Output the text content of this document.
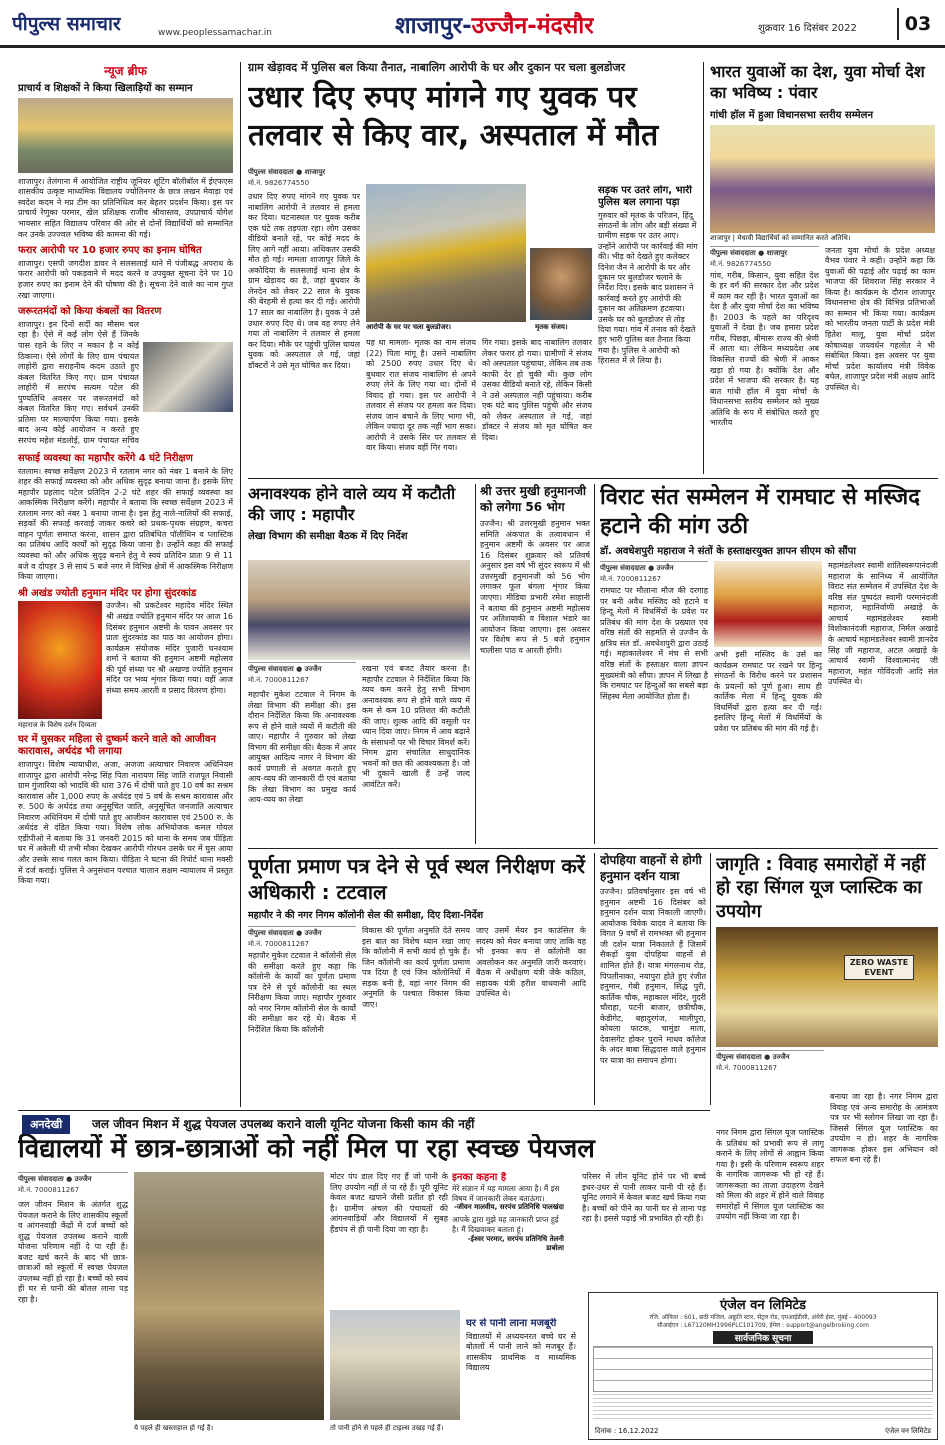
पीपुल्स समाचार	www.peoplessamachar.in	शाजापुर-उज्जैन-मंदसौर	शुक्रवार 16 दिसंबर 2022	03
न्यूज ब्रीफ
प्राचार्य व शिक्षकों ने किया खिलाड़ियों का सम्मान
शाजापुर। तेलंगाना में आयोजित राष्ट्रीय जूनियर शूटिंग बॉलीबॉल में ईएफएस शासकीय उत्कृष्ट माध्यमिक विद्यालय ज्योतिनगर के छात्र लखन मेवाड़ा एवं स्वदेश कदम ने मप्र टीम का प्रतिनिधित्व कर बेहतर प्रदर्शन किया। इस पर प्राचार्य रेणुका परमार, खेल प्रशिक्षक राजीव श्रीवास्तव, उपप्राचार्य योगेश भावसार सहित विद्यालय परिवार की ओर से दोनों विद्यार्थियों को सम्मानित कर उनके उज्ज्वल भविष्य की कामना की गई।
फरार आरोपी पर 10 हजार रुपए का इनाम घोषित
शाजापुर। एसपी जगदीश डावर ने सलसलाई थाने में पंजीबद्ध अपराध के फरार आरोपी को पकड़वाने में मदद करने व उपयुक्त सूचना देने पर 10 हजार रुपए का इनाम देने की घोषणा की है। सूचना देने वाले का नाम गुप्त रखा जाएगा।
जरूरतमंदों को किया कंबलों का वितरण
शाजापुर। इन दिनों सर्दी का मौसम चल रहा है। ऐसे में कई लोग ऐसे हैं जिनके पास रहने के लिए न मकान है न कोई ठिकाना। ऐसे लोगों के लिए ग्राम पंचायत लाहोरी द्वारा सराहनीय कदम उठाते हुए कंबल वितरित किए गए। ग्राम पंचायत लाहोरी में सरपंच सत्यम पटेल की पुण्यतिथि अवसर पर जरूरतमंदों को कंबल वितरित किए गए। सर्वधर्म उनकी प्रतिमा पर माल्यार्पण किया गया। इसके बाद अन्य कोई आयोजन न करते हुए सरपंच महेश मंडलोई, ग्राम पंचायत सचिव
सफाई व्यवस्था का महापौर करेंगे 4 घंटे निरीक्षण
रतलाम। स्वच्छ सर्वेक्षण 2023 में रतलाम नगर को नंबर 1 बनाने के लिए शहर की सफाई व्यवस्था को और अधिक सुदृढ़ बनाया जाना है। इसके लिए महापौर प्रहलाद पटेल प्रतिदिन 2-2 घंटे शहर की सफाई व्यवस्था का आकस्मिक निरीक्षण करेंगे। महापौर ने बताया कि स्वच्छ सर्वेक्षण 2023 में रतलाम नगर को नंबर 1 बनाया जाना है। इस हेतु नाले-नालियों की सफाई, सड़कों की सफाई करवाई जाकर कचरे को प्रथक-पृथक संग्रहण, कचरा वाहन पूर्णतः समाप्त करना, शासन द्वारा प्रतिबंधित पॉलीथिन व प्लास्टिक का प्रतिबंध आदि कार्यों को सुदृढ़ किया जाना है। उन्होंने कहा की सफाई व्यवस्था को और अधिक सुदृढ़ बनाने हेतु वे स्वयं प्रतिदिन प्रातः 9 से 11 बजे व दोपहर 3 से सायं 5 बजे नगर में विभिन्न क्षेत्रों में आकस्मिक निरीक्षण किया जाएगा।
श्री अखंड ज्योती हनुमान मंदिर पर होगा सुंदरकांड
उज्जैन। श्री प्रकटेश्वर महादेव मंदिर स्थित श्री अखंड ज्योति हनुमान मंदिर पर आज 16 दिसंबर हनुमान अष्टमी के पावन अवसर पर प्रातः सुंदरकांड का पाठ का आयोजन होगा। कार्यक्रम संयोजक मंदिर पुजारी घनश्याम शर्मा ने बताया की हनुमान अष्टमी महोत्सव की पूर्व संध्या पर श्री अखण्ड ज्योति हनुमान मंदिर पर भव्य शृंगार किया गया। वहीं आज संध्या समय आरती व प्रसाद वितरण होगा।
महाराज के विशेष दर्शन दिव्यता
घर में घुसकर महिला से दुष्कर्म करने वाले को आजीवन कारावास, अर्थदंड भी लगाया
शाजापुर। विशेष न्यायाधीश, अजा, अजजा अत्याचार निवारण अधिनियम शाजापुर द्वारा आरोपी नरेन्द्र सिंह पिता नारायण सिंह जाति राजपूत निवासी ग्राम गुंजारिया को भादवि की धारा 376 में दोषी पाते हुए 10 वर्ष का सश्रम कारावास और 1,000 रुपए के अर्थदंड एवं 5 वर्ष के सश्रम कारावास और रु. 500 के अर्थदंड तथा अनुसूचित जाति, अनुसूचित जनजाति अत्याचार निवारण अधिनियम में दोषी पाते हुए आजीवन कारावास एवं 2500 रु. के अर्थदंड से दंडित किया गया। विशेष लोक अभियोजक कमल गोयल एडीपीओ ने बताया कि 31 जनवरी 2015 को थाना के समय जब पीड़िता घर में अकेली थी तभी मौका देखकर आरोपी गोरधन उसके घर में घुस आया और उसके साथ गलत काम किया। पीड़िता ने घटना की रिपोर्ट थाना मक्सी में दर्ज कराई। पुलिस ने अनुसंधान पश्चात चालान सक्षम न्यायालय में प्रस्तुत किया गया।
ग्राम खेड़ावद में पुलिस बल किया तैनात, नाबालिग आरोपी के घर और दुकान पर चला बुलडोजर
उधार दिए रुपए मांगने गए युवक पर तलवार से किए वार, अस्पताल में मौत
पीपुल्स संवाददाता ● शाजापुर
मो.नं. 9826774550
उधार दिए रुपए मांगने गए युवक पर नाबालिग आरोपी ने तलवार से हमला कर दिया। घटनास्थल पर युवक करीब एक घंटे तक तड़पता रहा। लोग उसका वीडियो बनाते रहे, पर कोई मदद के लिए आगे नहीं आया। अधिकतर उसकी मौत हो गई। मामला शाजापुर जिले के अकोदिया के सलसलाई थाना क्षेत्र के ग्राम खेड़ावद का है, जहां बुधवार के लेनदेन को लेकर 22 साल के युवक की बेरहमी से हत्या कर दी गई। आरोपी 17 साल का नाबालिग है। युवक ने उसे उधार रुपए दिए थे। जब वह रुपए लेने गया तो नाबालिग ने तलवार से हमला कर दिया। मौके पर पहुंची पुलिस घायल युवक को अस्पताल ले गई, जहां डॉक्टरों ने उसे मृत घोषित कर दिया।
आरोपी के घर पर चला बुलडोजर।	मृतक संजय।
यह था मामला- मृतक का नाम संजय (22) पिता मांगू है। उसने नाबालिग को 2500 रुपए उधार दिए थे। बुधवार रात संजय नाबालिग से अपने रुपए लेने के लिए गया था। दोनों में विवाद हो गया। इस पर आरोपी ने तलवार से संजय पर हमला कर दिया। संजय जान बचाने के लिए भागा भी, लेकिन ज्यादा दूर तक नहीं भाग सका। आरोपी ने उसके सिर पर तलवार से वार किया। संजय वहीं गिर गया।
गिर गया। इसके बाद नाबालिग तलवार लेकर फरार हो गया। ग्रामीणों ने संजय को अस्पताल पहुंचाया, लेकिन तब तक काफी देर हो चुकी थी। कुछ लोग उसका वीडियो बनाते रहे, लेकिन किसी ने उसे अस्पताल नहीं पहुंचाया। करीब एक घंटे बाद पुलिस पहुंची और संजय को लेकर अस्पताल ले गई, जहां डॉक्टर ने संजय को मृत घोषित कर दिया।
सड़क पर उतरे लोग, भारी पुलिस बल लगाना पड़ा
गुरुवार को मृतक के परिजन, हिंदू संगठनों के लोग और बड़ी संख्या में ग्रामीण सड़क पर उतर आए। उन्होंने आरोपी पर कार्रवाई की मांग की। भीड़ को देखते हुए कलेक्टर दिनेश जैन ने आरोपी के घर और दुकान पर बुलडोजर चलाने के निर्देश दिए। इसके बाद प्रशासन ने कार्रवाई करते हुए आरोपी की दुकान का अतिक्रमण हटवाया। उसके घर को बुलडोजर से तोड़ दिया गया। गांव में तनाव को देखते हुए भारी पुलिस बल तैनात किया गया है। पुलिस ने आरोपी को हिरासत में ले लिया है।
भारत युवाओं का देश, युवा मोर्चा देश का भविष्य : पंवार
गांधी हॉल में हुआ विधानसभा स्तरीय सम्मेलन
शाजापुर | मेधावी विद्यार्थियों को सम्मानित करते अतिथि।
पीपुल्स संवाददाता ● शाजापुर
मो.नं. 9826774550
गांव, गरीब, किसान, युवा सहित देश के हर वर्ग की सरकार देश और प्रदेश में काम कर रही है। भारत युवाओं का देश है और युवा मोर्चा देश का भविष्य है। 2003 के पहले का परिदृश्य युवाओं ने देखा है। जब हमारा प्रदेश गरीब, पिछड़ा, बीमारू राज्य की श्रेणी में आता था। लेकिन मध्यप्रदेश अब विकसित राज्यों की श्रेणी में आकर खड़ा हो गया है। क्योंकि देश और प्रदेश में भाजपा की सरकार है। यह बात गांधी हॉल में युवा मोर्चा के विधानसभा स्तरीय सम्मेलन को मुख्य अतिथि के रूप में संबोधित करते हुए भारतीय
जनता युवा मोर्चा के प्रदेश अध्यक्ष वैभव पंवार ने कही। उन्होंने कहा कि युवाओं की पढ़ाई और पढ़ाई का काम भाजपा की शिवराज सिंह सरकार ने किया है। कार्यक्रम के दौरान शाजापुर विधानसभा क्षेत्र की विभिन्न प्रतिभाओं का सम्मान भी किया गया। कार्यक्रम को भारतीय जनता पार्टी के प्रदेश मंत्री हितेश मालू, युवा मोर्चा प्रदेश कोषाध्यक्ष जयवर्धन गहलोत ने भी संबोधित किया। इस अवसर पर युवा मोर्चा प्रदेश कार्यालय मंत्री विवेक बघेल, शाजापुर प्रदेश मंत्री अक्षय आदि उपस्थित थे।
अनावश्यक होने वाले व्यय में कटौती की जाए : महापौर
लेखा विभाग की समीक्षा बैठक में दिए निर्देश
पीपुल्स संवाददाता ● उज्जैन
मो.नं. 7000811267
महापौर मुकेश टटवाल ने निगम के लेखा विभाग की समीक्षा की। इस दौरान निर्देशित किया कि अनावश्यक रूप से होने वाले व्ययों में कटौती की जाए। महापौर ने गुरुवार को लेखा विभाग की समीक्षा की। बैठक में अपर आयुक्त आदित्य नागर ने विभाग की कार्य प्रणाली से अवगत कराते हुए आय-व्यय की जानकारी दी एवं बताया कि लेखा विभाग का प्रमुख कार्य आय-व्यय का लेखा
रखना एवं बजट तैयार करना है। महापौर टटवाल ने निर्देशित किया कि व्यय कम करने हेतु सभी विभाग अनावश्यक रूप से होने वाले व्यय में कम से कम 10 प्रतिशत की कटौती की जाए। शुल्क आदि की वसूली पर ध्यान दिया जाए। निगम में आय बढ़ाने के संसाधनों पर भी विचार विमर्श करें। निगम द्वारा संचालित साधुदानिक भवनों को छत की आवश्यकता है। जो भी दुकानें खाली हैं उन्हें जल्द आवंटित करें।
श्री उत्तर मुखी हनुमानजी को लगेगा 56 भोग
उज्जैन। श्री उत्तरमुखी हनुमान भक्त समिति अंकपात के तत्वावधान में हनुमान अष्टमी के अवसर पर आज 16 दिसंबर शुक्रवार को प्रतिवर्ष अनुसार इस वर्ष भी सुंदर स्वरूप में श्री उत्तरमुखी हनुमानजी को 56 भोग लगाकर फूल बंगला शृंगार किया जाएगा। मीडिया प्रभारी रमेश साहानी ने बताया की हनुमान अष्टमी महोत्सव पर अतिशयाकी व विशाल भंडारे का आयोजन किया जाएगा। इस अवसर पर विशेष रूप से 5 बजे हनुमान चालीसा पाठ व आरती होगी।
विराट संत सम्मेलन में रामघाट से मस्जिद हटाने की मांग उठी
डॉ. अवधेशपुरी महाराज ने संतों के हस्ताक्षरयुक्त ज्ञापन सीएम को सौंपा
पीपुल्स संवाददाता ● उज्जैन
मो.नं. 7000811267
रामघाट पर मौलाना मौज की दरगाह पर बनी अवैध मस्जिद को हटाने व हिन्दू मेलों में विधर्मियों के प्रवेश पर प्रतिबंध की मांग देश के प्रख्यात एवं वरिष्ठ संतों की सहमति से उज्जैन के क्षत्रिय संत डॉ. अवधेशपुरी द्वारा उठाई गई। महाकालेश्वर में मंच से सभी वरिष्ठ संतों के हस्ताक्षर वाला ज्ञापन मुख्यमंत्री को सौंपा। ज्ञापन में लिखा है कि रामघाट पर हिन्दुओं का सबसे बड़ा सिंहस्थ मेला आयोजित होता है।
अभी इसी मस्जिद के उर्स का कार्यक्रम रामघाट पर रखने पर हिन्दू संगठनों के विरोध करने पर प्रशासन के प्रयत्नों को पूर्ण हुआ। साथ ही कार्तिक मेला में हिन्दू युवक की विधर्मियों द्वारा हत्या कर दी गई। इसलिए हिन्दू मेलों में विधर्मियों के प्रवेश पर प्रतिबंध की मांग की गई है।
महामंडलेश्वर स्वामी शांतिस्वरूपानंदजी महाराज के सानिध्य में आयोजित विराट संत सम्मेलन में उपस्थित देश के वरिष्ठ संत पुष्पदंत स्वामी परमानंदजी महाराज, महानिर्वाणी अखाड़े के आचार्य महामंडलेश्वर स्वामी विशोकानंदजी महाराज, निर्मल अखाड़े के आचार्य महामंडलेश्वर स्वामी ज्ञानदेव सिंह जी महाराज, अटल अखाड़े के आचार्य स्वामी विश्वात्मानंद जी महाराज, महंत गोविंदजी आदि संत उपस्थित थे।
पूर्णता प्रमाण पत्र देने से पूर्व स्थल निरीक्षण करें अधिकारी : टटवाल
महापौर ने की नगर निगम कॉलोनी सेल की समीक्षा, दिए दिशा-निर्देश
पीपुल्स संवाददाता ● उज्जैन
मो.नं. 7000811267
महापौर मुकेश टटवाल ने कॉलोनी सेल की समीक्षा करते हुए कहा कि कॉलोनी के कार्यों का पूर्णता प्रमाण पत्र देने से पूर्व कॉलोनी का स्थल निरीक्षण किया जाए। महापौर गुरुवार को नगर निगम कॉलोनी सेल के कार्यों की समीक्षा कर रहे थे। बैठक में निर्देशित किया कि कॉलोनी
विकास की पूर्णता अनुमति देते समय इस बात का विशेष ध्यान रखा जाए कि कॉलोनी में सभी कार्य हो चुके हैं। जिन कॉलोनी का कार्य पूर्णता प्रमाण पत्र दिया है एवं जिन कॉलोनियों में सड़क बनी है, वहां नगर निगम की अनुमति के पश्चात विकास किया जाए।
जाए उसमें मेयर इन काउंसिल के सदस्य को मेयर बनाया जाए ताकि वह भी इनका रूप से कॉलोनी का अवलोकन कर अनुमति जारी करवाएं। बैठक में अधीक्षण यंत्री जेके कठिल, सहायक यंत्री हरीश वाधवानी आदि उपस्थित थे।
दोपहिया वाहनों से होगी हनुमान दर्शन यात्रा
उज्जैन। प्रतिवर्षानुसार इस वर्ष भी हनुमान अष्टमी 16 दिसंबर को हनुमान दर्शन यात्रा निकाली जाएगी। आयोजक विवेक यादव ने बताया कि विगत 9 वर्षों से रामभक्त श्री हनुमान जी दर्शन यात्रा निकालते हैं जिसमें सैकड़ों युवा दोपहिया वाहनों से शामिल होते हैं। यात्रा मंगलनाथ रोड, पिपलीनाका, नयापुरा होते हुए रंजीत हनुमान, गेबी हनुमान, सिद्ध पुरी, कार्तिक चौक, महाकाल मंदिर, गुदरी चौराहा, पटनी बाजार, छत्रीचौक, केडीगेट, बहादुरगंज, मालीपुरा, कोयला फाटक, चामुंडा माता, देवासगेट होकर पुराने माधव कॉलेज के अंदर बाबा सिद्धदास वाले हनुमान पर यात्रा का समापन होगा।
जागृति : विवाह समारोहों में नहीं हो रहा सिंगल यूज प्लास्टिक का उपयोग
ZERO WASTE
EVENT
पीपुल्स संवाददाता ● उज्जैन
मो.नं. 7000811267
नगर निगम द्वारा सिंगल यूज प्लास्टिक के प्रतिबंध को प्रभावी रूप से लागू कराने के लिए लोगों से आह्वान किया गया है। इसी के परिणाम स्वरूप शहर के नागरिक जागरूक भी हो रहे हैं। जागरूकता का ताजा उदाहरण देखने को मिला की शहर में होने वाले विवाह समारोहों में सिंगल यूज प्लास्टिक का उपयोग नहीं किया जा रहा है।
बनाया जा रहा है। नगर निगम द्वारा विवाह एवं अन्य समारोह के आमंत्रण पत्र पर भी स्लोगन लिखा जा रहा है। जिससे सिंगल यूज प्लास्टिक का उपयोग न हो। शहर के नागरिक जागरूक होकर इस अभियान को सफल बना रहे हैं।
अनदेखी	जल जीवन मिशन में शुद्ध पेयजल उपलब्ध कराने वाली यूनिट योजना किसी काम की नहीं
विद्यालयों में छात्र-छात्राओं को नहीं मिल पा रहा स्वच्छ पेयजल
पीपुल्स संवाददाता ● उज्जैन
मो.नं. 7000811267
जल जीवन मिशन के अंतर्गत शुद्ध पेयजल कराने के लिए शासकीय स्कूलों व आंगनवाड़ी केंद्रों में दर्ज बच्चों को शुद्ध पेयजल उपलब्ध कराने वाली योजना परिणाम नहीं दे पा रही है। बजट खर्च करने के बाद भी छात्र-छात्राओं को स्कूलों में स्वच्छ पेयजल उपलब्ध नहीं हो रहा है। बच्चों को स्वयं ही घर से पानी की बोतल लाना पड़ रहा है।
ये पहले ही खस्ताहाल हो गई है।	तो पानी होने से पहले ही टाइल्स उखड़ गई हैं।
मोटर पंप डाल दिए गए हैं जो पानी के लिए उपयोग नहीं ले पा रहे हैं। पूरी यूनिट केवल बजट खपाने जैसी प्रतीत हो रही है। ग्रामीण अंचल की पंचायतों की आंगनवाड़ियों और विद्यालयों में सुबह हैंडपंप से ही पानी दिया जा रहा है।
इनका कहना है
मेरे संज्ञान में यह मामला आया है। मैं इस विषय में जानकारी लेकर बताऊंगा।
-जीवन मालवीय, सरपंच प्रतिनिधि पालखंदा
आपके द्वारा मुझे यह जानकारी प्राप्त हुई है। मैं दिखवाकर बताता हूं।
-ईश्वर परमार, सरपंच प्रतिनिधि तेलनी डाबोला
घर से पानी लाना मजबूरी
विद्यालयों में अध्ययनरत बच्चे घर से बोतलों में पानी लाने को मजबूर हैं। शासकीय प्राथमिक व माध्यमिक विद्यालय
परिसर में लीन यूनिट होने पर भी बच्चे इधर-उधर से पानी लाकर पानी पी रहे हैं। यूनिट लगाने में केवल बजट खर्च किया गया है। बच्चों को पीने का पानी घर से लाना पड़ रहा है। इससे पढ़ाई भी प्रभावित हो रही है।
एंजेल वन लिमिटेड
रजि. ऑफिस : 601, छठी मंजिल, अक्रुति स्टार, सेंट्रल रोड, एमआईडीसी, अंधेरी ईस्ट, मुंबई - 400093
सीआईएन : L67120MH1996PLC101709, ईमेल : support@angelbroking.com
सार्वजनिक सूचना
दिनांक : 16.12.2022	एंजेल वन लिमिटेड
